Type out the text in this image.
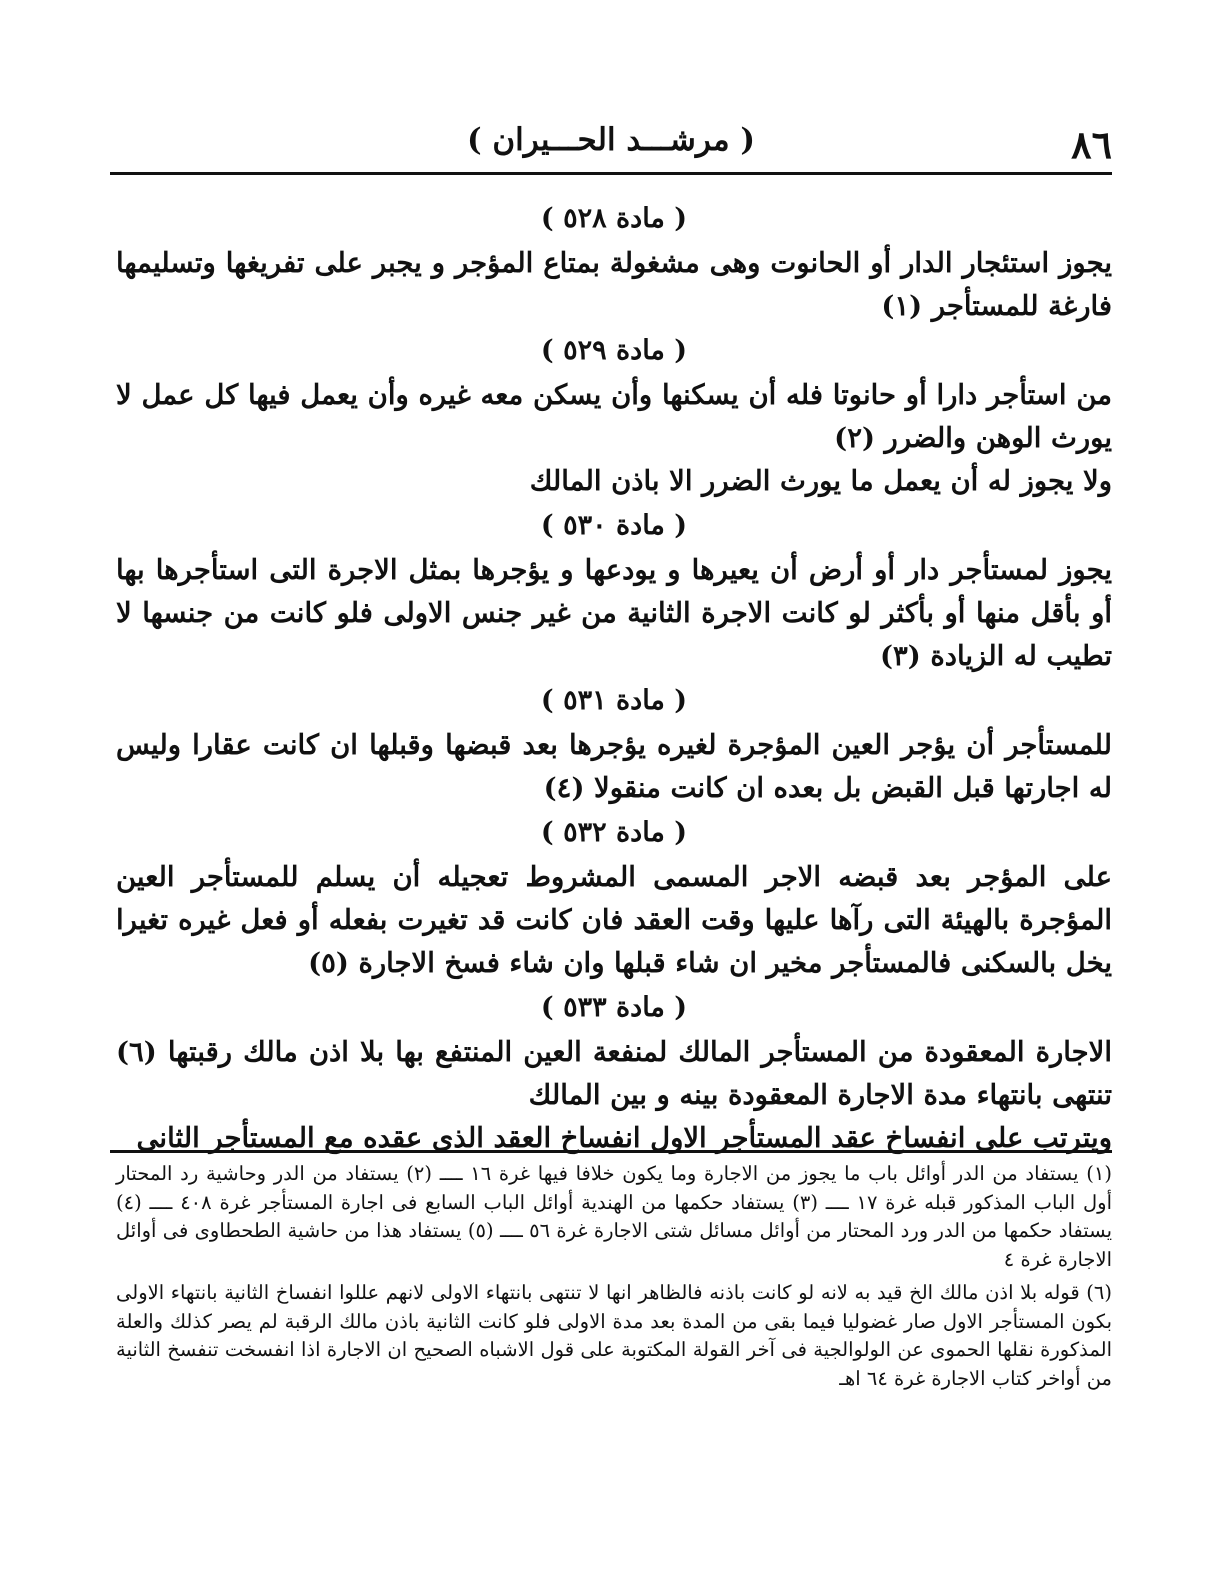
٨٦
( مرشـــد الحـــيران )
( مادة ٥٢٨ )

يجوز استئجار الدار أو الحانوت وهى مشغولة بمتاع المؤجر و يجبر على تفريغها وتسليمها فارغة للمستأجر (١)

( مادة ٥٢٩ )

من استأجر دارا أو حانوتا فله أن يسكنها وأن يسكن معه غيره وأن يعمل فيها كل عمل لا يورث الوهن والضرر (٢)

ولا يجوز له أن يعمل ما يورث الضرر الا باذن المالك

( مادة ٥٣٠ )

يجوز لمستأجر دار أو أرض أن يعيرها و يودعها و يؤجرها بمثل الاجرة التى استأجرها بها أو بأقل منها أو بأكثر لو كانت الاجرة الثانية من غير جنس الاولى فلو كانت من جنسها لا تطيب له الزيادة (٣)

( مادة ٥٣١ )

للمستأجر أن يؤجر العين المؤجرة لغيره يؤجرها بعد قبضها وقبلها ان كانت عقارا وليس له اجارتها قبل القبض بل بعده ان كانت منقولا (٤)

( مادة ٥٣٢ )

على المؤجر بعد قبضه الاجر المسمى المشروط تعجيله أن يسلم للمستأجر العين المؤجرة بالهيئة التى رآها عليها وقت العقد فان كانت قد تغيرت بفعله أو فعل غيره تغيرا يخل بالسكنى فالمستأجر مخير ان شاء قبلها وان شاء فسخ الاجارة (٥)

( مادة ٥٣٣ )

الاجارة المعقودة من المستأجر المالك لمنفعة العين المنتفع بها بلا اذن مالك رقبتها (٦) تنتهى بانتهاء مدة الاجارة المعقودة بينه و بين المالك

ويترتب على انفساخ عقد المستأجر الاول انفساخ العقد الذى عقده مع المستأجر الثانى

(١) يستفاد من الدر أوائل باب ما يجوز من الاجارة وما يكون خلافا فيها غرة ١٦ ــــ (٢) يستفاد من الدر وحاشية رد المحتار أول الباب المذكور قبله غرة ١٧ ــــ (٣) يستفاد حكمها من الهندية أوائل الباب السابع فى اجارة المستأجر غرة ٤٠٨ ــــ (٤) يستفاد حكمها من الدر ورد المحتار من أوائل مسائل شتى الاجارة غرة ٥٦ ــــ (٥) يستفاد هذا من حاشية الطحطاوى فى أوائل الاجارة غرة ٤

(٦) قوله بلا اذن مالك الخ قيد به لانه لو كانت باذنه فالظاهر انها لا تنتهى بانتهاء الاولى لانهم عللوا انفساخ الثانية بانتهاء الاولى بكون المستأجر الاول صار غضوليا فيما بقى من المدة بعد مدة الاولى فلو كانت الثانية باذن مالك الرقبة لم يصر كذلك والعلة المذكورة نقلها الحموى عن الولوالجية فى آخر القولة المكتوبة على قول الاشباه الصحيح ان الاجارة اذا انفسخت تنفسخ الثانية من أواخر كتاب الاجارة غرة ٦٤ اهـ
